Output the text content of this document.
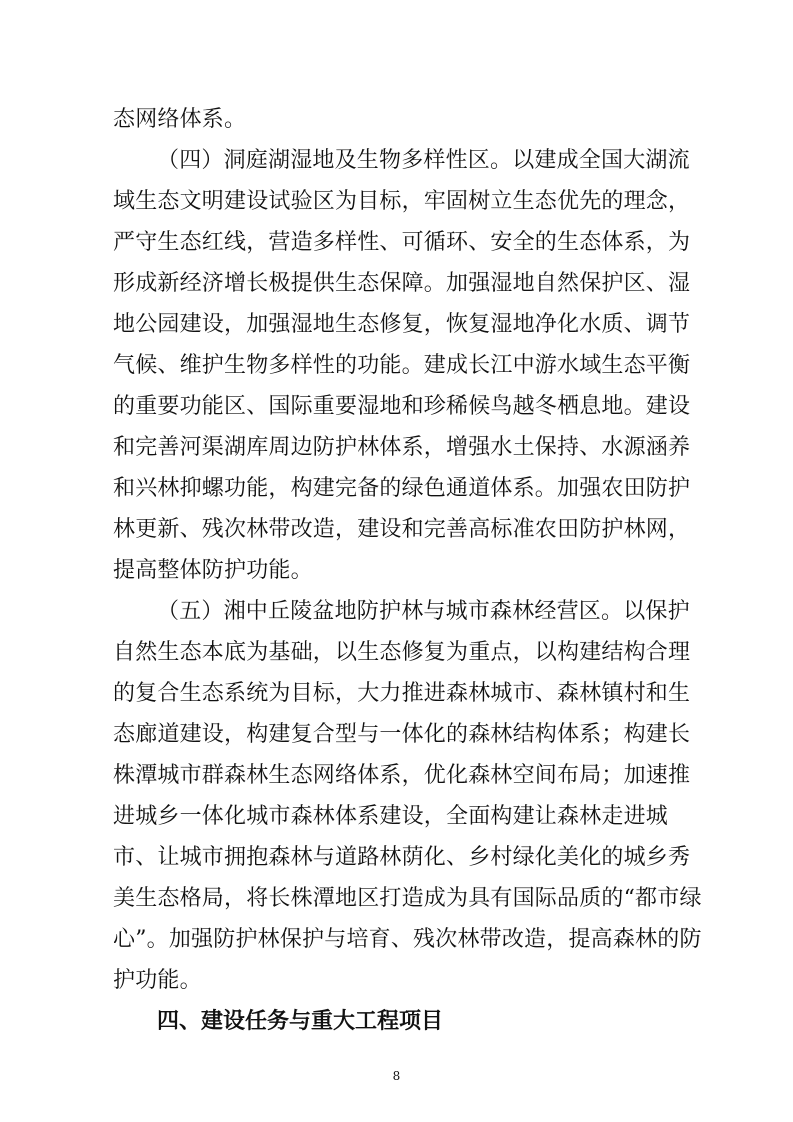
态网络体系。
（四）洞庭湖湿地及生物多样性区。以建成全国大湖流
域生态文明建设试验区为目标，牢固树立生态优先的理念，
严守生态红线，营造多样性、可循环、安全的生态体系，为
形成新经济增长极提供生态保障。加强湿地自然保护区、湿
地公园建设，加强湿地生态修复，恢复湿地净化水质、调节
气候、维护生物多样性的功能。建成长江中游水域生态平衡
的重要功能区、国际重要湿地和珍稀候鸟越冬栖息地。建设
和完善河渠湖库周边防护林体系，增强水土保持、水源涵养
和兴林抑螺功能，构建完备的绿色通道体系。加强农田防护
林更新、残次林带改造，建设和完善高标准农田防护林网，
提高整体防护功能。
（五）湘中丘陵盆地防护林与城市森林经营区。以保护
自然生态本底为基础，以生态修复为重点，以构建结构合理
的复合生态系统为目标，大力推进森林城市、森林镇村和生
态廊道建设，构建复合型与一体化的森林结构体系；构建长
株潭城市群森林生态网络体系，优化森林空间布局；加速推
进城乡一体化城市森林体系建设，全面构建让森林走进城
市、让城市拥抱森林与道路林荫化、乡村绿化美化的城乡秀
美生态格局，将长株潭地区打造成为具有国际品质的“都市绿
心”。加强防护林保护与培育、残次林带改造，提高森林的防
护功能。
四、建设任务与重大工程项目
8
